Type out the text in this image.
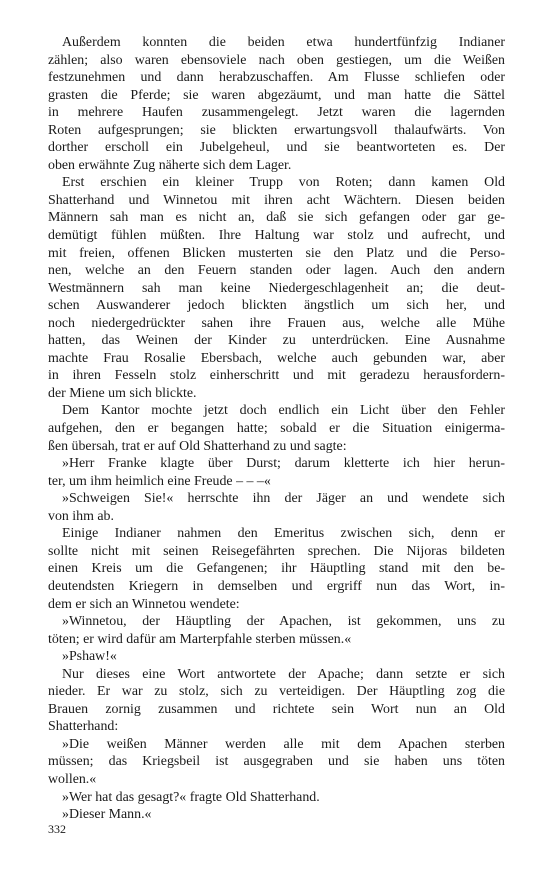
Außerdem konnten die beiden etwa hundertfünfzig Indianer
zählen; also waren ebensoviele nach oben gestiegen, um die Weißen
festzunehmen und dann herabzuschaffen. Am Flusse schliefen oder
grasten die Pferde; sie waren abgezäumt, und man hatte die Sättel
in mehrere Haufen zusammengelegt. Jetzt waren die lagernden
Roten aufgesprungen; sie blickten erwartungsvoll thalaufwärts. Von
dorther erscholl ein Jubelgeheul, und sie beantworteten es. Der
oben erwähnte Zug näherte sich dem Lager.
Erst erschien ein kleiner Trupp von Roten; dann kamen Old
Shatterhand und Winnetou mit ihren acht Wächtern. Diesen beiden
Männern sah man es nicht an, daß sie sich gefangen oder gar ge-
demütigt fühlen müßten. Ihre Haltung war stolz und aufrecht, und
mit freien, offenen Blicken musterten sie den Platz und die Perso-
nen, welche an den Feuern standen oder lagen. Auch den andern
Westmännern sah man keine Niedergeschlagenheit an; die deut-
schen Auswanderer jedoch blickten ängstlich um sich her, und
noch niedergedrückter sahen ihre Frauen aus, welche alle Mühe
hatten, das Weinen der Kinder zu unterdrücken. Eine Ausnahme
machte Frau Rosalie Ebersbach, welche auch gebunden war, aber
in ihren Fesseln stolz einherschritt und mit geradezu herausfordern-
der Miene um sich blickte.
Dem Kantor mochte jetzt doch endlich ein Licht über den Fehler
aufgehen, den er begangen hatte; sobald er die Situation einigerma-
ßen übersah, trat er auf Old Shatterhand zu und sagte:
»Herr Franke klagte über Durst; darum kletterte ich hier herun-
ter, um ihm heimlich eine Freude – – –«
»Schweigen Sie!« herrschte ihn der Jäger an und wendete sich
von ihm ab.
Einige Indianer nahmen den Emeritus zwischen sich, denn er
sollte nicht mit seinen Reisegefährten sprechen. Die Nijoras bildeten
einen Kreis um die Gefangenen; ihr Häuptling stand mit den be-
deutendsten Kriegern in demselben und ergriff nun das Wort, in-
dem er sich an Winnetou wendete:
»Winnetou, der Häuptling der Apachen, ist gekommen, uns zu
töten; er wird dafür am Marterpfahle sterben müssen.«
»Pshaw!«
Nur dieses eine Wort antwortete der Apache; dann setzte er sich
nieder. Er war zu stolz, sich zu verteidigen. Der Häuptling zog die
Brauen zornig zusammen und richtete sein Wort nun an Old
Shatterhand:
»Die weißen Männer werden alle mit dem Apachen sterben
müssen; das Kriegsbeil ist ausgegraben und sie haben uns töten
wollen.«
»Wer hat das gesagt?« fragte Old Shatterhand.
»Dieser Mann.«
332
